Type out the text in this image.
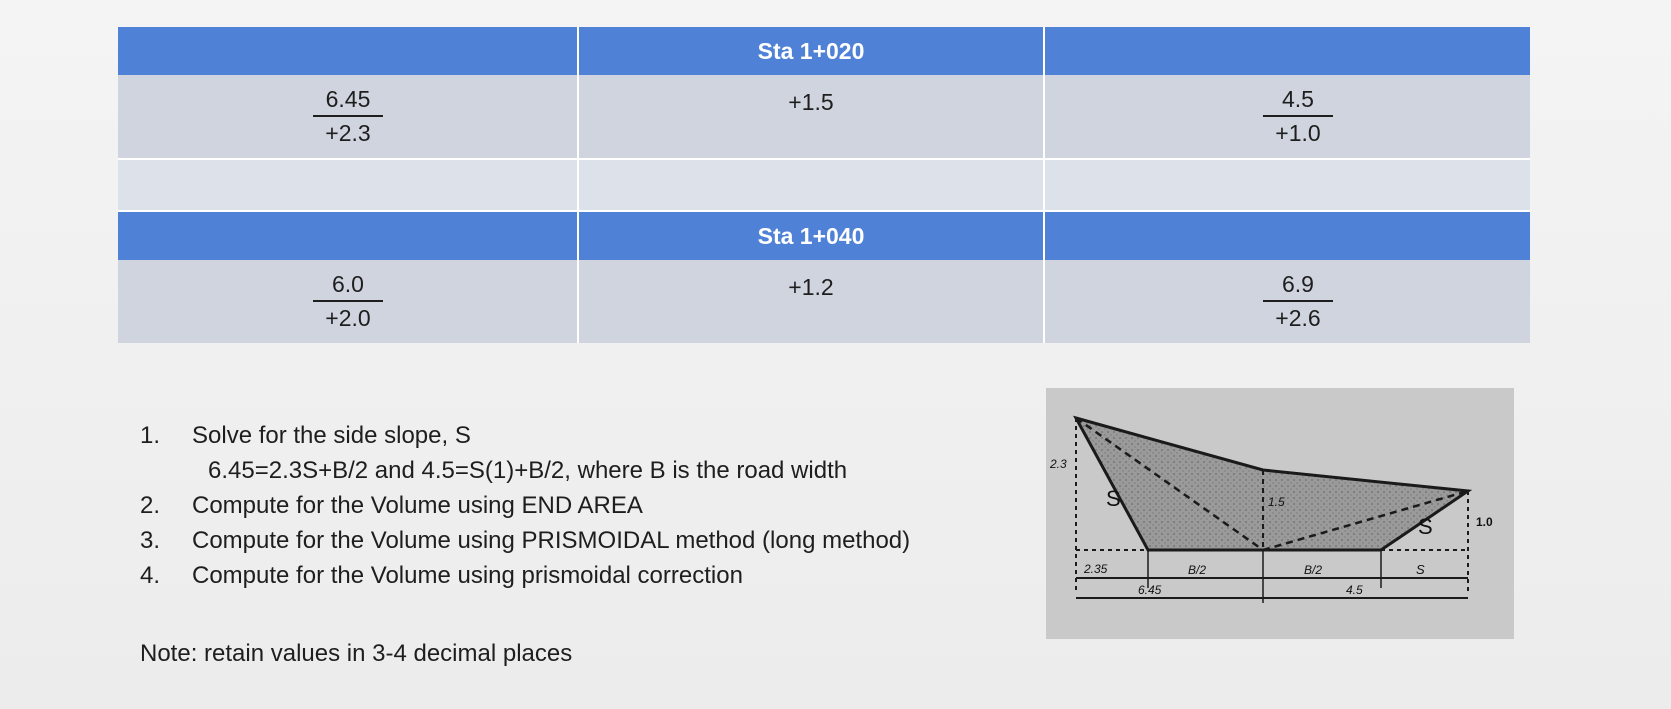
Sta 1+020
$\frac{6.45}{+2.3}$	+1.5	$\frac{4.5}{+1.0}$
Sta 1+040
$\frac{6.0}{+2.0}$	+1.2	$\frac{6.9}{+2.6}$
1. Solve for the side slope, S
6.45=2.3S+B/2 and 4.5=S(1)+B/2, where B is the road width
2. Compute for the Volume using END AREA
3. Compute for the Volume using PRISMOIDAL method (long method)
4. Compute for the Volume using prismoidal correction
Note: retain values in 3-4 decimal places
2.3
S	1.5
S	1.0
2.35	B/2	B/2	S
6.45	4.5
